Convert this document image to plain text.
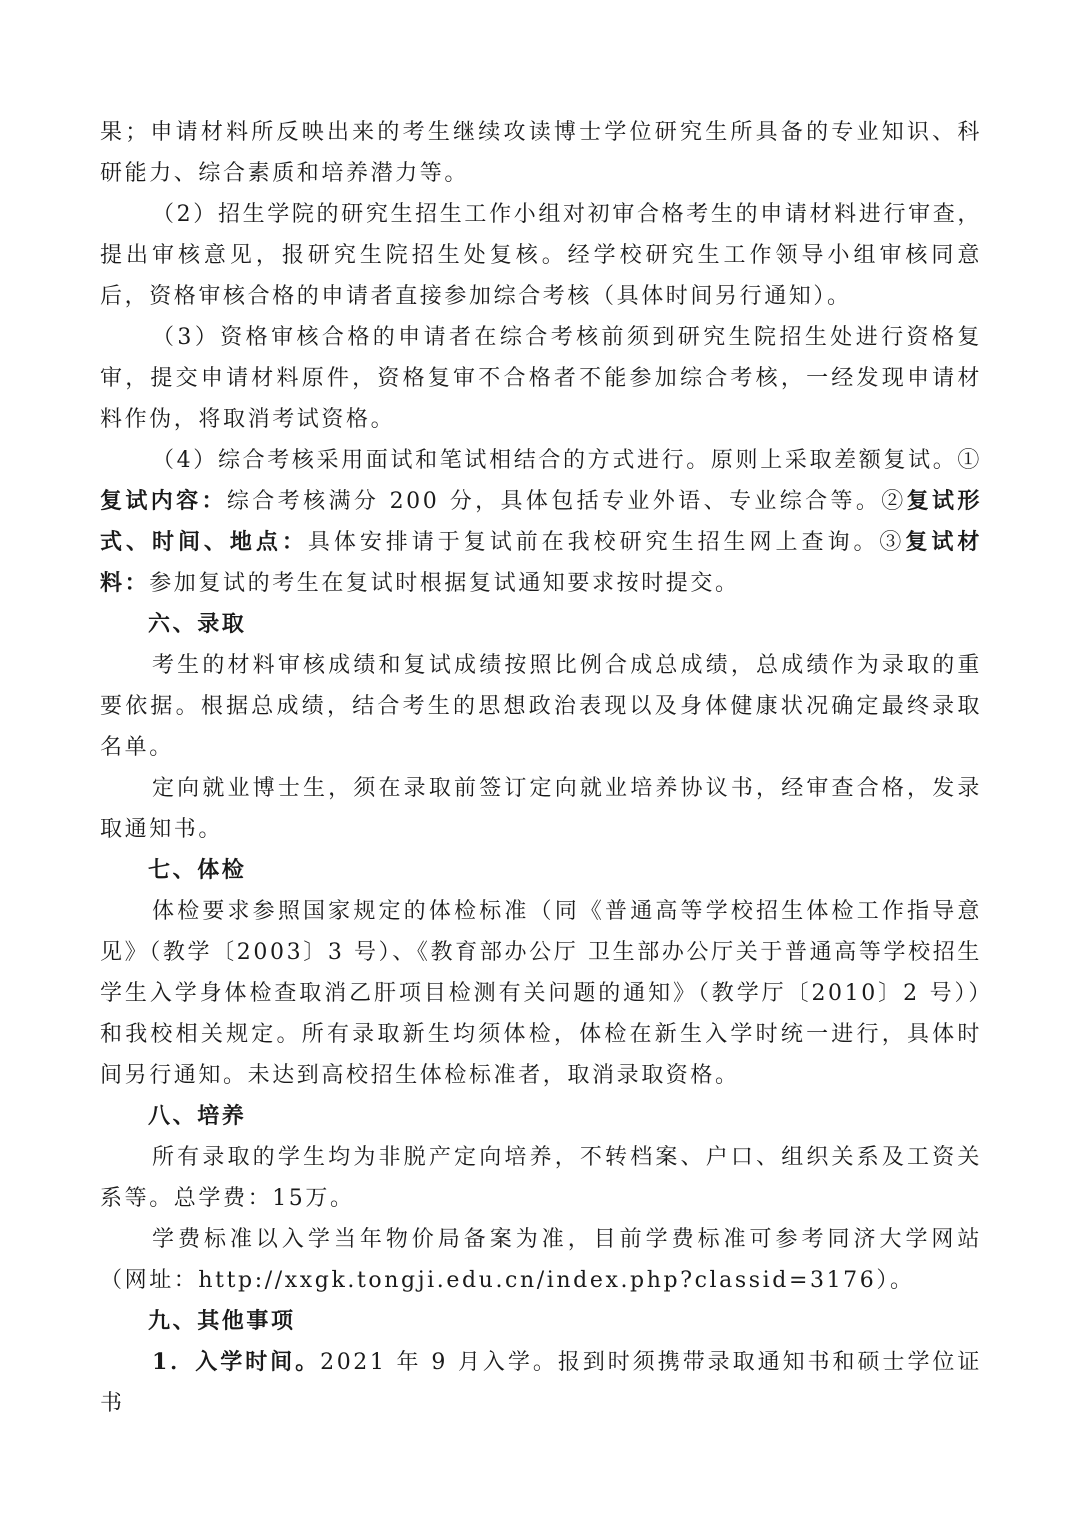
果；申请材料所反映出来的考生继续攻读博士学位研究生所具备的专业知识、科研能力、综合素质和培养潜力等。

（2）招生学院的研究生招生工作小组对初审合格考生的申请材料进行审查，提出审核意见，报研究生院招生处复核。经学校研究生工作领导小组审核同意后，资格审核合格的申请者直接参加综合考核（具体时间另行通知）。

（3）资格审核合格的申请者在综合考核前须到研究生院招生处进行资格复审，提交申请材料原件，资格复审不合格者不能参加综合考核，一经发现申请材料作伪，将取消考试资格。

（4）综合考核采用面试和笔试相结合的方式进行。原则上采取差额复试。①复试内容：综合考核满分 200 分，具体包括专业外语、专业综合等。②复试形式、时间、地点：具体安排请于复试前在我校研究生招生网上查询。③复试材料：参加复试的考生在复试时根据复试通知要求按时提交。

六、录取

考生的材料审核成绩和复试成绩按照比例合成总成绩，总成绩作为录取的重要依据。根据总成绩，结合考生的思想政治表现以及身体健康状况确定最终录取名单。

定向就业博士生，须在录取前签订定向就业培养协议书，经审查合格，发录取通知书。

七、体检

体检要求参照国家规定的体检标准（同《普通高等学校招生体检工作指导意见》（教学〔2003〕3 号）、《教育部办公厅 卫生部办公厅关于普通高等学校招生学生入学身体检查取消乙肝项目检测有关问题的通知》（教学厅〔2010〕2 号））和我校相关规定。所有录取新生均须体检，体检在新生入学时统一进行，具体时间另行通知。未达到高校招生体检标准者，取消录取资格。

八、培养

所有录取的学生均为非脱产定向培养，不转档案、户口、组织关系及工资关系等。总学费：15万。

学费标准以入学当年物价局备案为准，目前学费标准可参考同济大学网站（网址：http://xxgk.tongji.edu.cn/index.php?classid=3176）。

九、其他事项

1．入学时间。2021 年 9 月入学。报到时须携带录取通知书和硕士学位证书
